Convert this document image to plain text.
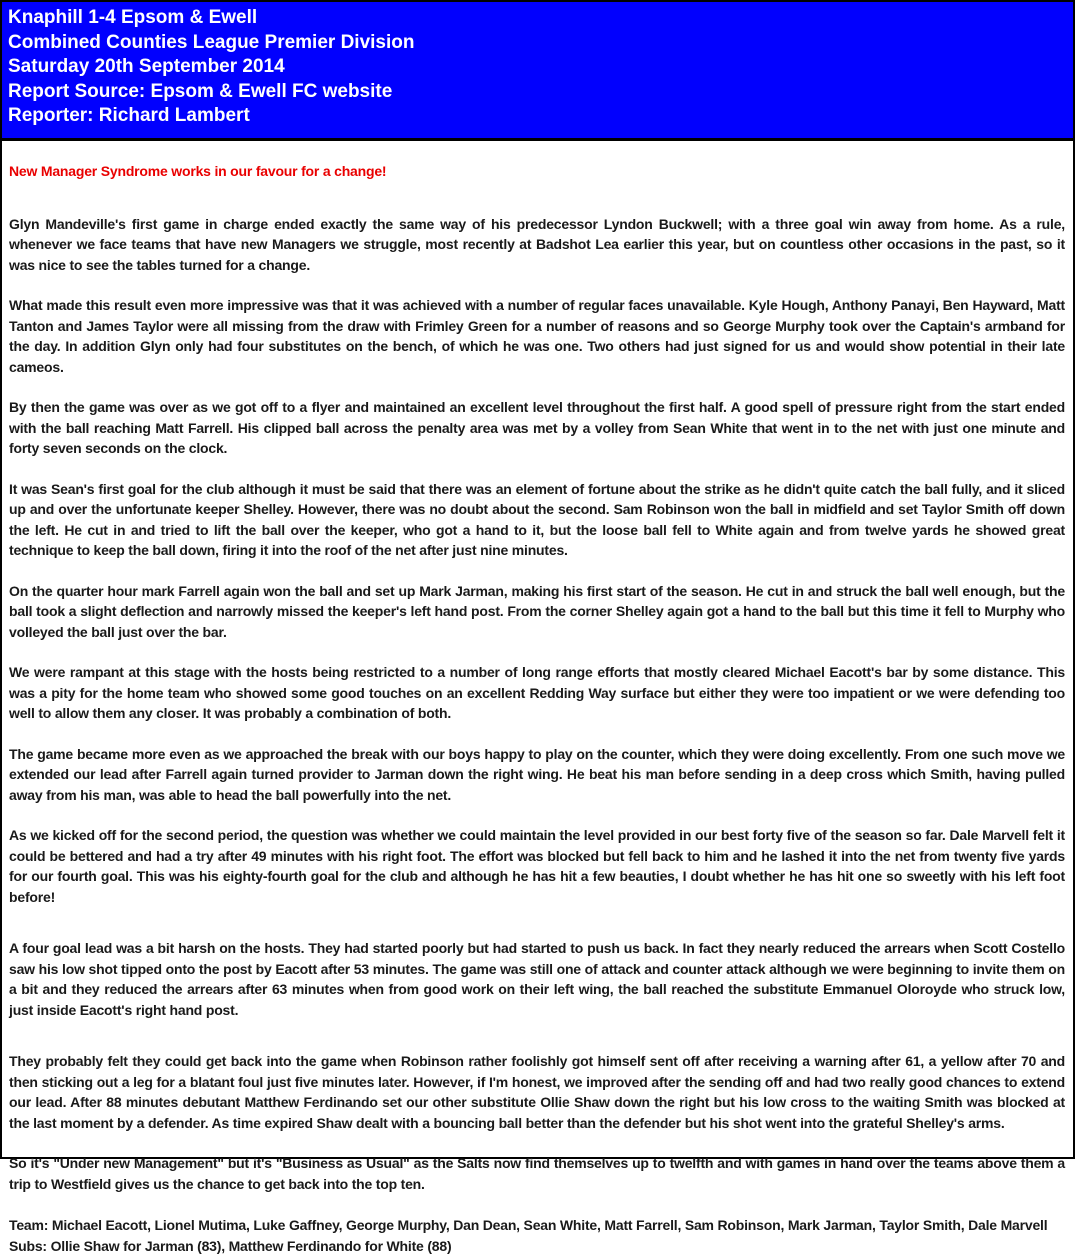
Knaphill 1-4 Epsom & Ewell
Combined Counties League Premier Division
Saturday 20th September 2014
Report Source: Epsom & Ewell FC website
Reporter: Richard Lambert

New Manager Syndrome works in our favour for a change!

Glyn Mandeville's first game in charge ended exactly the same way of his predecessor Lyndon Buckwell; with a three goal win away from home. As a rule, whenever we face teams that have new Managers we struggle, most recently at Badshot Lea earlier this year, but on countless other occasions in the past, so it was nice to see the tables turned for a change.

What made this result even more impressive was that it was achieved with a number of regular faces unavailable. Kyle Hough, Anthony Panayi, Ben Hayward, Matt Tanton and James Taylor were all missing from the draw with Frimley Green for a number of reasons and so George Murphy took over the Captain's armband for the day. In addition Glyn only had four substitutes on the bench, of which he was one. Two others had just signed for us and would show potential in their late cameos.

By then the game was over as we got off to a flyer and maintained an excellent level throughout the first half. A good spell of pressure right from the start ended with the ball reaching Matt Farrell. His clipped ball across the penalty area was met by a volley from Sean White that went in to the net with just one minute and forty seven seconds on the clock.

It was Sean's first goal for the club although it must be said that there was an element of fortune about the strike as he didn't quite catch the ball fully, and it sliced up and over the unfortunate keeper Shelley. However, there was no doubt about the second. Sam Robinson won the ball in midfield and set Taylor Smith off down the left. He cut in and tried to lift the ball over the keeper, who got a hand to it, but the loose ball fell to White again and from twelve yards he showed great technique to keep the ball down, firing it into the roof of the net after just nine minutes.

On the quarter hour mark Farrell again won the ball and set up Mark Jarman, making his first start of the season. He cut in and struck the ball well enough, but the ball took a slight deflection and narrowly missed the keeper's left hand post. From the corner Shelley again got a hand to the ball but this time it fell to Murphy who volleyed the ball just over the bar.

We were rampant at this stage with the hosts being restricted to a number of long range efforts that mostly cleared Michael Eacott's bar by some distance. This was a pity for the home team who showed some good touches on an excellent Redding Way surface but either they were too impatient or we were defending too well to allow them any closer. It was probably a combination of both.

The game became more even as we approached the break with our boys happy to play on the counter, which they were doing excellently. From one such move we extended our lead after Farrell again turned provider to Jarman down the right wing. He beat his man before sending in a deep cross which Smith, having pulled away from his man, was able to head the ball powerfully into the net.

As we kicked off for the second period, the question was whether we could maintain the level provided in our best forty five of the season so far. Dale Marvell felt it could be bettered and had a try after 49 minutes with his right foot. The effort was blocked but fell back to him and he lashed it into the net from twenty five yards for our fourth goal. This was his eighty-fourth goal for the club and although he has hit a few beauties, I doubt whether he has hit one so sweetly with his left foot before!

A four goal lead was a bit harsh on the hosts. They had started poorly but had started to push us back. In fact they nearly reduced the arrears when Scott Costello saw his low shot tipped onto the post by Eacott after 53 minutes. The game was still one of attack and counter attack although we were beginning to invite them on a bit and they reduced the arrears after 63 minutes when from good work on their left wing, the ball reached the substitute Emmanuel Oloroyde who struck low, just inside Eacott's right hand post.

They probably felt they could get back into the game when Robinson rather foolishly got himself sent off after receiving a warning after 61, a yellow after 70 and then sticking out a leg for a blatant foul just five minutes later. However, if I'm honest, we improved after the sending off and had two really good chances to extend our lead. After 88 minutes debutant Matthew Ferdinando set our other substitute Ollie Shaw down the right but his low cross to the waiting Smith was blocked at the last moment by a defender. As time expired Shaw dealt with a bouncing ball better than the defender but his shot went into the grateful Shelley's arms.

So it's "Under new Management" but it's "Business as Usual" as the Salts now find themselves up to twelfth and with games in hand over the teams above them a trip to Westfield gives us the chance to get back into the top ten.

Team: Michael Eacott, Lionel Mutima, Luke Gaffney, George Murphy, Dan Dean, Sean White, Matt Farrell, Sam Robinson, Mark Jarman, Taylor Smith, Dale Marvell

Subs: Ollie Shaw for Jarman (83), Matthew Ferdinando for White (88)
